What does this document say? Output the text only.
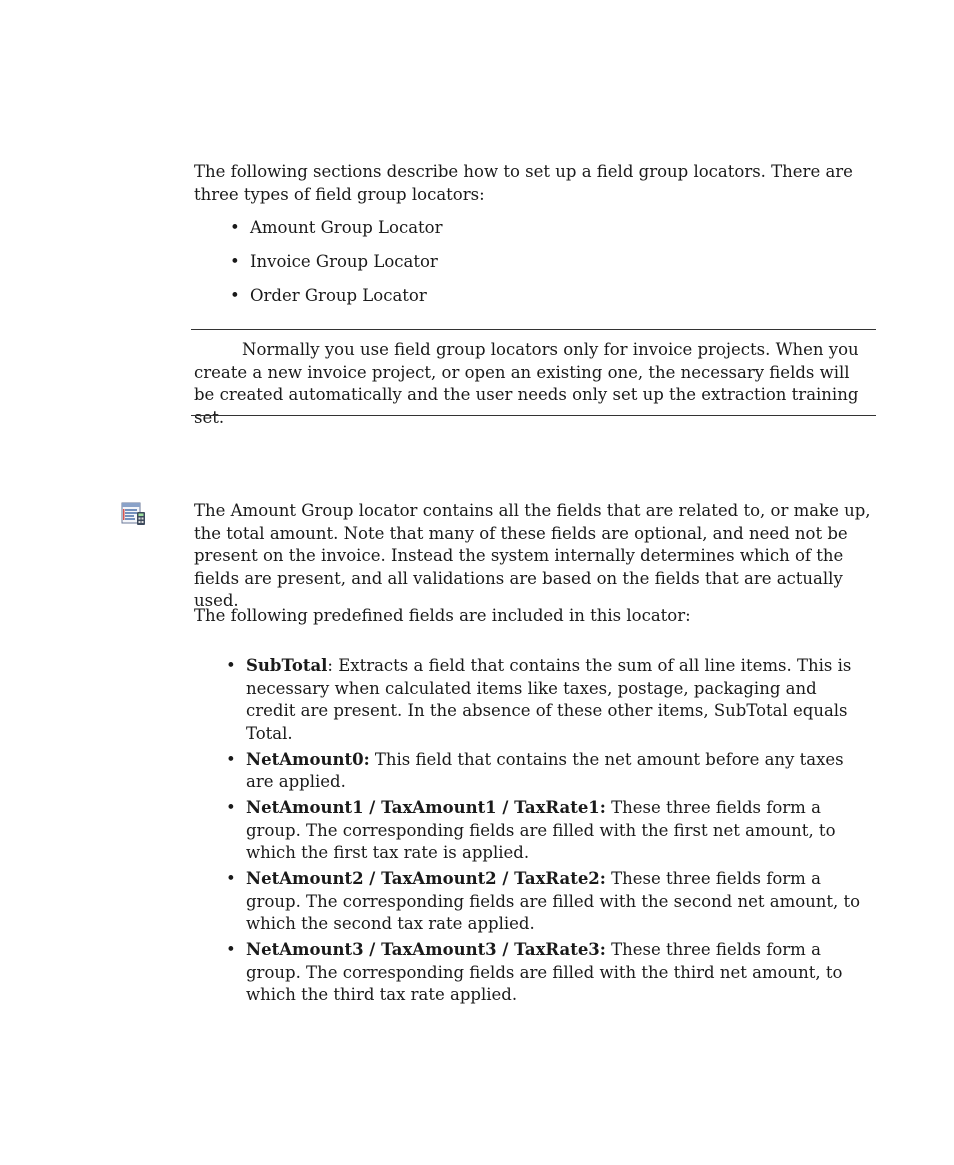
The following sections describe how to set up a field group locators. There are three types of field group locators:

• Amount Group Locator
• Invoice Group Locator
• Order Group Locator

Normally you use field group locators only for invoice projects. When you create a new invoice project, or open an existing one, the necessary fields will be created automatically and the user needs only set up the extraction training set.

The Amount Group locator contains all the fields that are related to, or make up, the total amount. Note that many of these fields are optional, and need not be present on the invoice. Instead the system internally determines which of the fields are present, and all validations are based on the fields that are actually used.

The following predefined fields are included in this locator:

• SubTotal: Extracts a field that contains the sum of all line items. This is necessary when calculated items like taxes, postage, packaging and credit are present. In the absence of these other items, SubTotal equals Total.
• NetAmount0: This field that contains the net amount before any taxes are applied.
• NetAmount1 / TaxAmount1 / TaxRate1: These three fields form a group. The corresponding fields are filled with the first net amount, to which the first tax rate is applied.
• NetAmount2 / TaxAmount2 / TaxRate2: These three fields form a group. The corresponding fields are filled with the second net amount, to which the second tax rate applied.
• NetAmount3 / TaxAmount3 / TaxRate3: These three fields form a group. The corresponding fields are filled with the third net amount, to which the third tax rate applied.
